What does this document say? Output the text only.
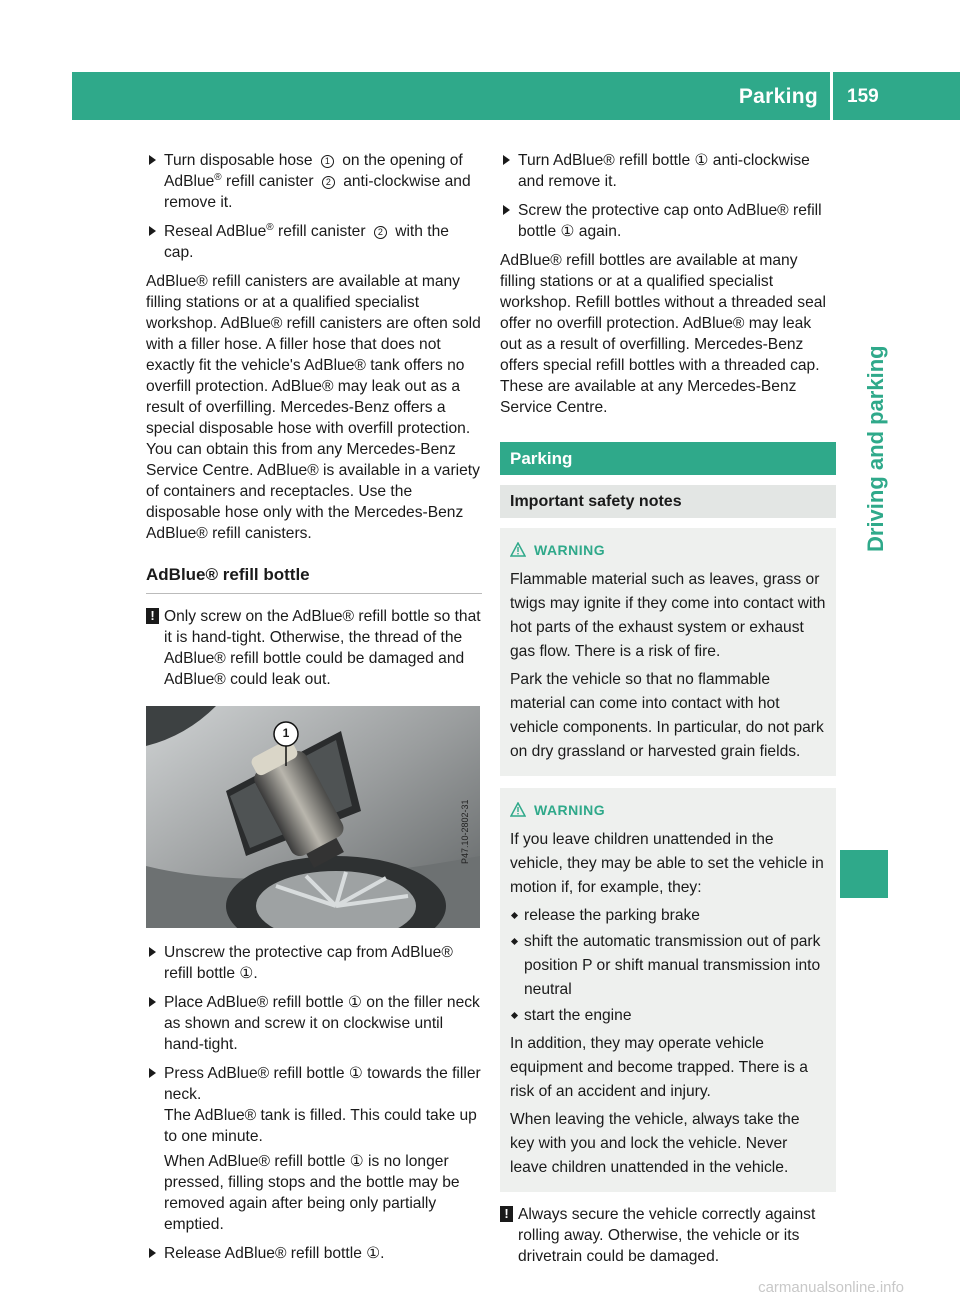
Parking 159
Driving and parking
Turn disposable hose 1 on the opening of AdBlue® refill canister 2 anti-clockwise and remove it.
Reseal AdBlue® refill canister 2 with the cap.

AdBlue® refill canisters are available at many filling stations or at a qualified specialist workshop. AdBlue® refill canisters are often sold with a filler hose. A filler hose that does not exactly fit the vehicle's AdBlue® tank offers no overfill protection. AdBlue® may leak out as a result of overfilling. Mercedes-Benz offers a special disposable hose with overfill protection. You can obtain this from any Mercedes-Benz Service Centre. AdBlue® is available in a variety of containers and receptacles. Use the disposable hose only with the Mercedes-Benz AdBlue® refill canisters.

AdBlue® refill bottle
! Only screw on the AdBlue® refill bottle so that it is hand-tight. Otherwise, the thread of the AdBlue® refill bottle could be damaged and AdBlue® could leak out.
1
P47.10-2802-31
Unscrew the protective cap from AdBlue® refill bottle ①.
Place AdBlue® refill bottle ① on the filler neck as shown and screw it on clockwise until hand-tight.
Press AdBlue® refill bottle ① towards the filler neck.
The AdBlue® tank is filled. This could take up to one minute.
When AdBlue® refill bottle ① is no longer pressed, filling stops and the bottle may be removed again after being only partially emptied.
Release AdBlue® refill bottle ①.
Turn AdBlue® refill bottle ① anti-clockwise and remove it.
Screw the protective cap onto AdBlue® refill bottle ① again.

AdBlue® refill bottles are available at many filling stations or at a qualified specialist workshop. Refill bottles without a threaded seal offer no overfill protection. AdBlue® may leak out as a result of overfilling. Mercedes-Benz offers special refill bottles with a threaded cap. These are available at any Mercedes-Benz Service Centre.

Parking
Important safety notes
WARNING

Flammable material such as leaves, grass or twigs may ignite if they come into contact with hot parts of the exhaust system or exhaust gas flow. There is a risk of fire.

Park the vehicle so that no flammable material can come into contact with hot vehicle components. In particular, do not park on dry grassland or harvested grain fields.

WARNING

If you leave children unattended in the vehicle, they may be able to set the vehicle in motion if, for example, they:

release the parking brake
shift the automatic transmission out of park position P or shift manual transmission into neutral
start the engine

In addition, they may operate vehicle equipment and become trapped. There is a risk of an accident and injury.

When leaving the vehicle, always take the key with you and lock the vehicle. Never leave children unattended in the vehicle.

! Always secure the vehicle correctly against rolling away. Otherwise, the vehicle or its drivetrain could be damaged.
carmanualsonline.info
